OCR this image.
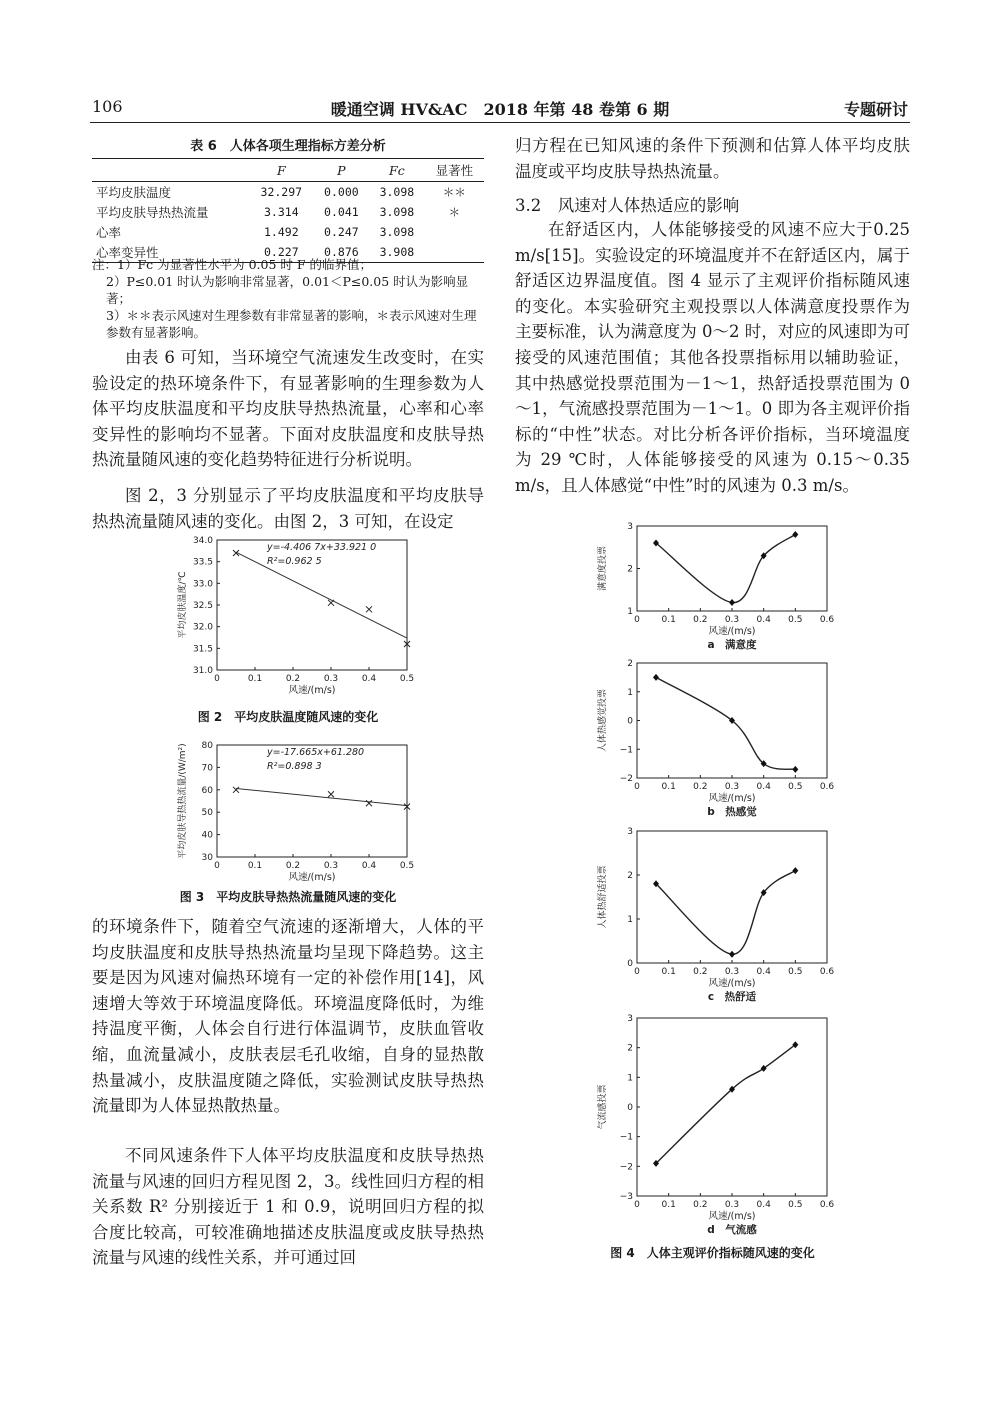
106	暖通空调 HV&AC　2018 年第 48 卷第 6 期	专题研讨
表 6　人体各项生理指标方差分析
	F	P	Fc	显著性
平均皮肤温度	32.297	0.000	3.098	＊＊
平均皮肤导热热流量	3.314	0.041	3.098	＊
心率	1.492	0.247	3.098	
心率变异性	0.227	0.876	3.908	
注：1）Fc 为显著性水平为 0.05 时 F 的临界值；
2）P≤0.01 时认为影响非常显著，0.01＜P≤0.05 时认为影响显著；
3）＊＊表示风速对生理参数有非常显著的影响，＊表示风速对生理参数有显著影响。

由表 6 可知，当环境空气流速发生改变时，在实验设定的热环境条件下，有显著影响的生理参数为人体平均皮肤温度和平均皮肤导热热流量，心率和心率变异性的影响均不显著。下面对皮肤温度和皮肤导热热流量随风速的变化趋势特征进行分析说明。

图 2，3 分别显示了平均皮肤温度和平均皮肤导热热流量随风速的变化。由图 2，3 可知，在设定

0	0.1	0.2	0.3	0.4	0.5
31.0
31.5
32.0
32.5
33.0
33.5
34.0
风速/(m/s)
平均皮肤温度/℃
y=-4.406 7x+33.921 0
R²=0.962 5
图 2　平均皮肤温度随风速的变化
0	0.1	0.2	0.3	0.4	0.5
30
40
50
60
70
80
风速/(m/s)
平均皮肤导热热流量/(W/m²)	y=-17.665x+61.280
R²=0.898 3
图 3　平均皮肤导热热流量随风速的变化

的环境条件下，随着空气流速的逐渐增大，人体的平均皮肤温度和皮肤导热热流量均呈现下降趋势。这主要是因为风速对偏热环境有一定的补偿作用[14]，风速增大等效于环境温度降低。环境温度降低时，为维持温度平衡，人体会自行进行体温调节，皮肤血管收缩，血流量减小，皮肤表层毛孔收缩，自身的显热散热量减小，皮肤温度随之降低，实验测试皮肤导热热流量即为人体显热散热量。

不同风速条件下人体平均皮肤温度和皮肤导热热流量与风速的回归方程见图 2，3。线性回归方程的相关系数 R² 分别接近于 1 和 0.9，说明回归方程的拟合度比较高，可较准确地描述皮肤温度或皮肤导热热流量与风速的线性关系，并可通过回

归方程在已知风速的条件下预测和估算人体平均皮肤温度或平均皮肤导热热流量。

3.2　风速对人体热适应的影响

在舒适区内，人体能够接受的风速不应大于0.25 m/s[15]。实验设定的环境温度并不在舒适区内，属于舒适区边界温度值。图 4 显示了主观评价指标随风速的变化。本实验研究主观投票以人体满意度投票作为主要标准，认为满意度为 0～2 时，对应的风速即为可接受的风速范围值；其他各投票指标用以辅助验证，其中热感觉投票范围为－1～1，热舒适投票范围为 0～1，气流感投票范围为－1～1。0 即为各主观评价指标的“中性”状态。对比分析各评价指标，当环境温度为 29 ℃时，人体能够接受的风速为 0.15～0.35 m/s，且人体感觉“中性”时的风速为 0.3 m/s。

0 0.1 0.2 0.3 0.4 0.5 0.6
1
2
3
风速/(m/s)
满意度投票
a　满意度
0 0.1 0.2 0.3 0.4 0.5 0.6
−2
−1
0
1
2
风速/(m/s)
人体热感觉投票
b　热感觉
0 0.1 0.2 0.3 0.4 0.5 0.6
0
1
2
3
风速/(m/s)
人体热舒适投票
c　热舒适
0 0.1 0.2 0.3 0.4 0.5 0.6
−3
−2
−1
0
1
2
3
风速/(m/s)
气流感投票
d　气流感
图 4　人体主观评价指标随风速的变化
